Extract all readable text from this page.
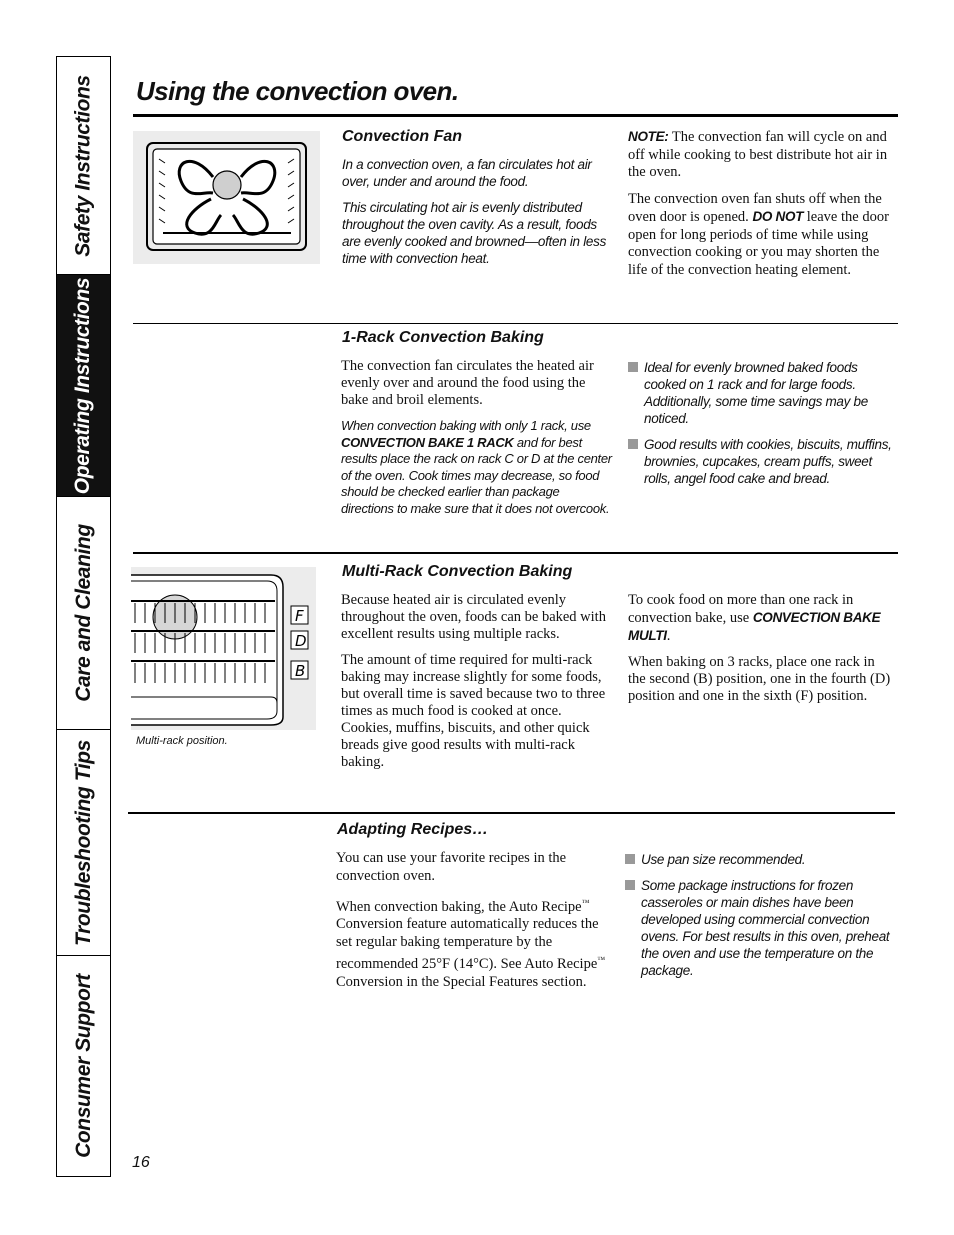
Safety Instructions
Operating Instructions
Care and Cleaning
Troubleshooting Tips
Consumer Support
Using the convection oven.
Convection Fan

In a convection oven, a fan circulates hot air over, under and around the food.

This circulating hot air is evenly distributed throughout the oven cavity. As a result, foods are evenly cooked and browned—often in less time with convection heat.

NOTE: The convection fan will cycle on and off while cooking to best distribute hot air in the oven.

The convection oven fan shuts off when the oven door is opened. DO NOT leave the door open for long periods of time while using convection cooking or you may shorten the life of the convection heating element.

1-Rack Convection Baking

The convection fan circulates the heated air evenly over and around the food using the bake and broil elements.

When convection baking with only 1 rack, use CONVECTION BAKE 1 RACK and for best results place the rack on rack C or D at the center of the oven. Cook times may decrease, so food should be checked earlier than package directions to make sure that it does not overcook.

Ideal for evenly browned baked foods cooked on 1 rack and for large foods. Additionally, some time savings may be noticed.
Good results with cookies, biscuits, muffins, brownies, cupcakes, cream puffs, sweet rolls, angel food cake and bread.
F
D
B
Multi-rack position.
Multi-Rack Convection Baking

Because heated air is circulated evenly throughout the oven, foods can be baked with excellent results using multiple racks.

The amount of time required for multi-rack baking may increase slightly for some foods, but overall time is saved because two to three times as much food is cooked at once. Cookies, muffins, biscuits, and other quick breads give good results with multi-rack baking.

To cook food on more than one rack in convection bake, use CONVECTION BAKE MULTI.

When baking on 3 racks, place one rack in the second (B) position, one in the fourth (D) position and one in the sixth (F) position.

Adapting Recipes…

You can use your favorite recipes in the convection oven.

When convection baking, the Auto Recipe™ Conversion feature automatically reduces the set regular baking temperature by the recommended 25°F (14°C). See Auto Recipe™ Conversion in the Special Features section.

Use pan size recommended.
Some package instructions for frozen casseroles or main dishes have been developed using commercial convection ovens. For best results in this oven, preheat the oven and use the temperature on the package.
16
